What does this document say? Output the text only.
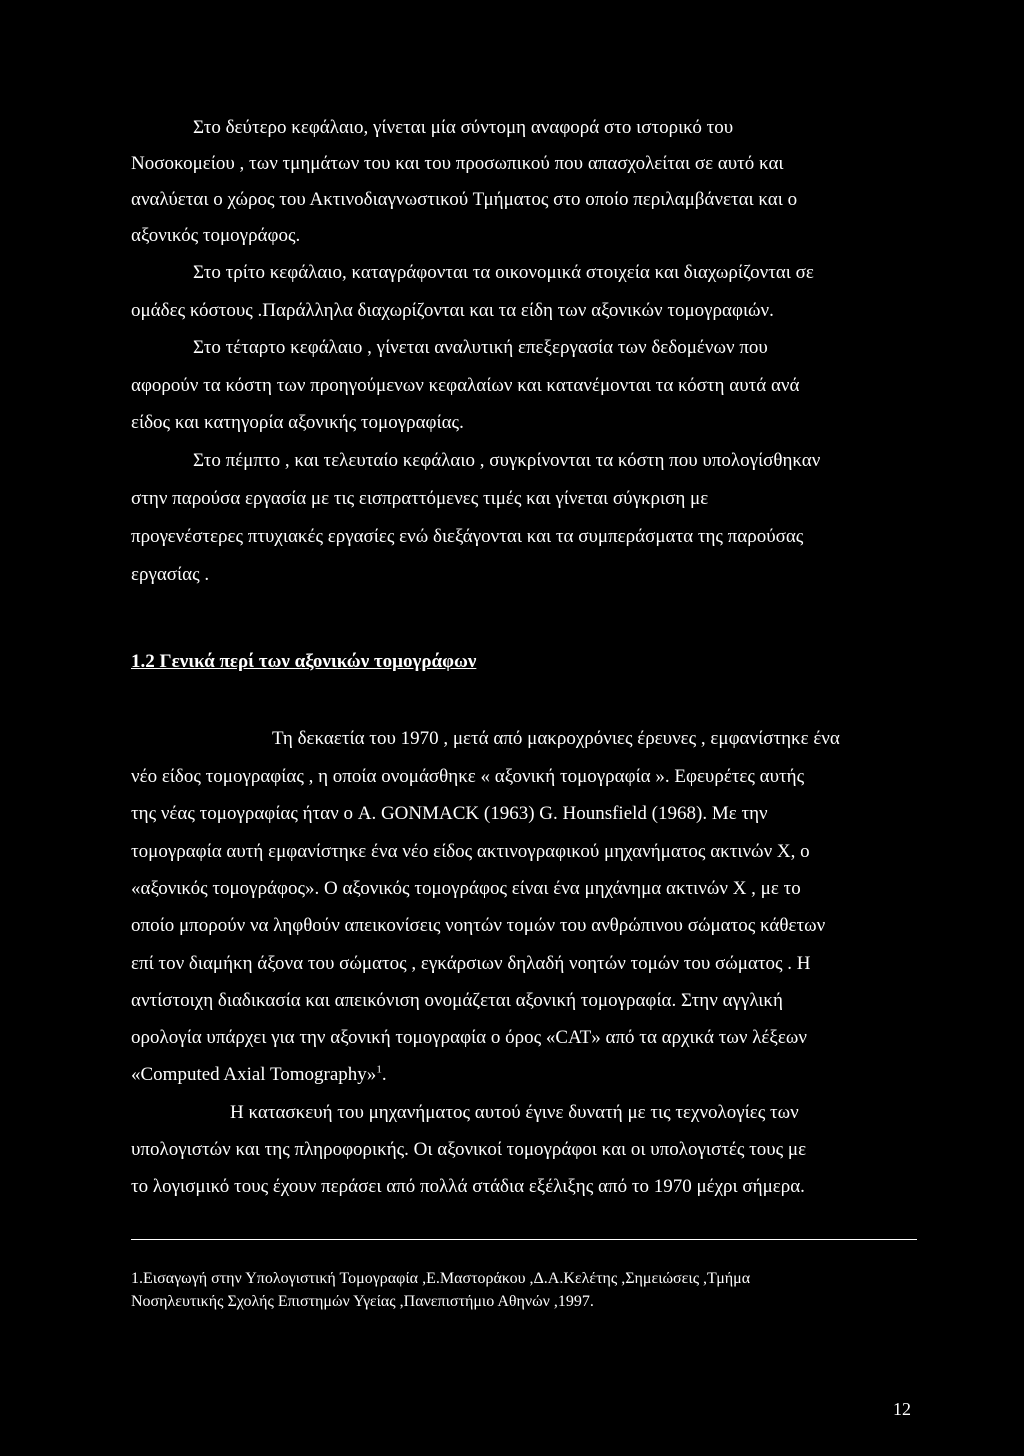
Στο δεύτερο κεφάλαιο, γίνεται μία σύντομη αναφορά στο ιστορικό του
Νοσοκομείου , των τμημάτων του και του προσωπικού που απασχολείται σε αυτό και
αναλύεται ο χώρος του Ακτινοδιαγνωστικού Τμήματος στο οποίο περιλαμβάνεται και ο
αξονικός τομογράφος.
Στο τρίτο κεφάλαιο, καταγράφονται τα οικονομικά στοιχεία και διαχωρίζονται σε
ομάδες κόστους .Παράλληλα διαχωρίζονται και τα είδη των αξονικών τομογραφιών.
Στο τέταρτο κεφάλαιο , γίνεται αναλυτική επεξεργασία των δεδομένων που
αφορούν τα κόστη των προηγούμενων κεφαλαίων και κατανέμονται τα κόστη αυτά ανά
είδος και κατηγορία αξονικής τομογραφίας.
Στο πέμπτο , και τελευταίο κεφάλαιο , συγκρίνονται τα κόστη που υπολογίσθηκαν
στην παρούσα εργασία με τις εισπραττόμενες τιμές και γίνεται σύγκριση με
προγενέστερες πτυχιακές εργασίες ενώ διεξάγονται και τα συμπεράσματα της παρούσας
εργασίας .
1.2 Γενικά περί των αξονικών τομογράφων
Τη δεκαετία του 1970 , μετά από μακροχρόνιες έρευνες , εμφανίστηκε ένα
νέο είδος τομογραφίας , η οποία ονομάσθηκε « αξονική τομογραφία ». Εφευρέτες αυτής
της νέας τομογραφίας ήταν ο A. GONMACK (1963) G. Hounsfield (1968). Με την
τομογραφία αυτή εμφανίστηκε ένα νέο είδος ακτινογραφικού μηχανήματος ακτινών Χ, ο
«αξονικός τομογράφος». Ο αξονικός τομογράφος είναι ένα μηχάνημα ακτινών Χ , με το
οποίο μπορούν να ληφθούν απεικονίσεις νοητών τομών του ανθρώπινου σώματος κάθετων
επί τον διαμήκη άξονα του σώματος , εγκάρσιων δηλαδή νοητών τομών του σώματος . Η
αντίστοιχη διαδικασία και απεικόνιση ονομάζεται αξονική τομογραφία. Στην αγγλική
ορολογία υπάρχει για την αξονική τομογραφία ο όρος «CAT» από τα αρχικά των λέξεων
«Computed Axial Tomography»$^1$.
Η κατασκευή του μηχανήματος αυτού έγινε δυνατή με τις τεχνολογίες των
υπολογιστών και της πληροφορικής. Οι αξονικοί τομογράφοι και οι υπολογιστές τους με
το λογισμικό τους έχουν περάσει από πολλά στάδια εξέλιξης από το 1970 μέχρι σήμερα.
1.Εισαγωγή στην Υπολογιστική Τομογραφία ,Ε.Μαστοράκου ,Δ.Α.Κελέτης ,Σημειώσεις ,Τμήμα
Νοσηλευτικής Σχολής Επιστημών Υγείας ,Πανεπιστήμιο Αθηνών ,1997.
12
